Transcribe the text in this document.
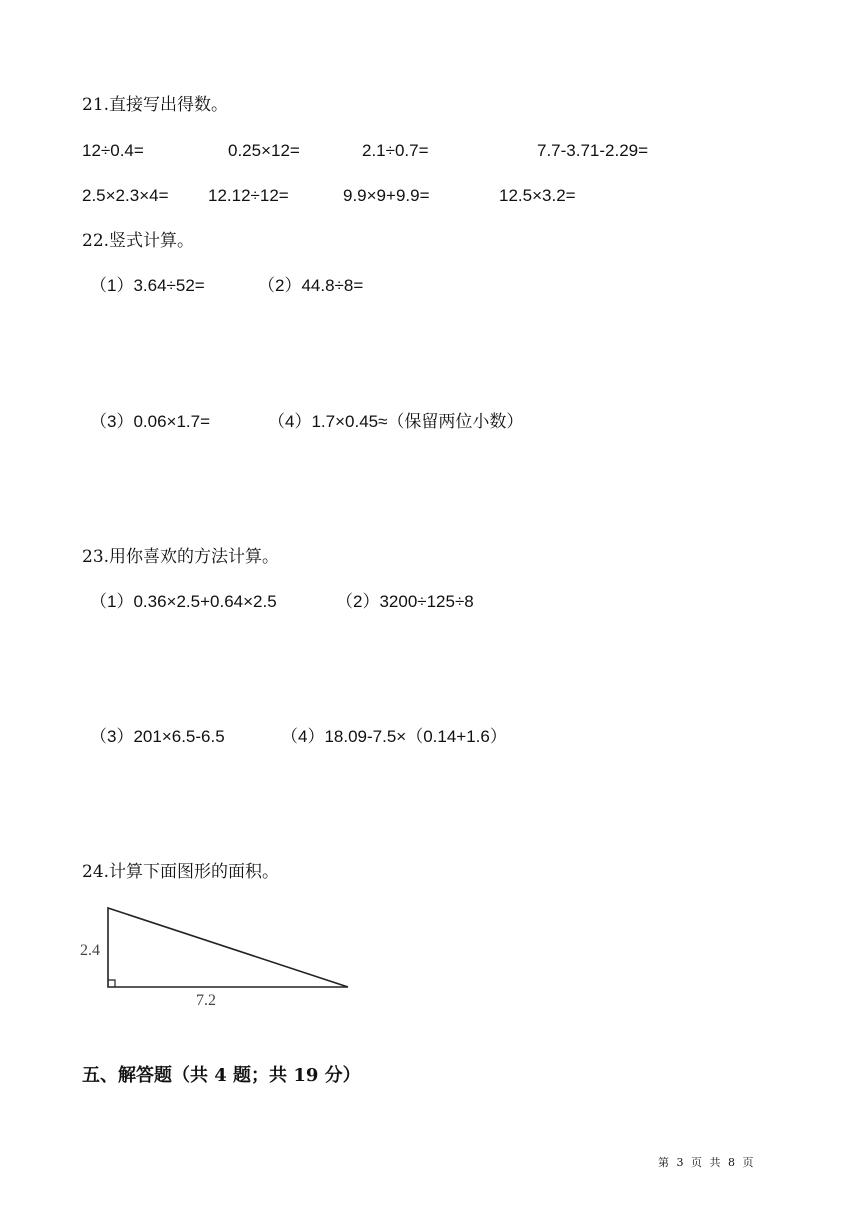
21.直接写出得数。
12÷0.4=	0.25×12=	2.1÷0.7=	7.7-3.71-2.29=
2.5×2.3×4= 12.12÷12=	9.9×9+9.9=	12.5×3.2=
22.竖式计算。
（1）3.64÷52=	（2）44.8÷8=
（3）0.06×1.7=	（4）1.7×0.45≈（保留两位小数）
23.用你喜欢的方法计算。
（1）0.36×2.5+0.64×2.5	（2）3200÷125÷8
（3）201×6.5-6.5	（4）18.09-7.5×（0.14+1.6）
24.计算下面图形的面积。
2.4
7.2
五、解答题（共 4 题；共 19 分）
第 3 页 共 8 页
